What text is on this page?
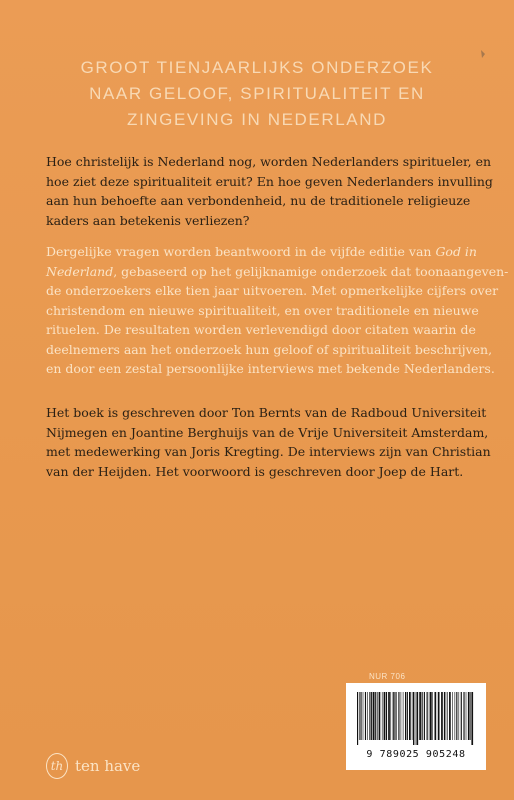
GROOT TIENJAARLIJKS ONDERZOEK
NAAR GELOOF, SPIRITUALITEIT EN
ZINGEVING IN NEDERLAND

Hoe christelijk is Nederland nog, worden Nederlanders spiritueler, en
hoe ziet deze spiritualiteit eruit? En hoe geven Nederlanders invulling
aan hun behoefte aan verbondenheid, nu de traditionele religieuze
kaders aan betekenis verliezen?

Dergelijke vragen worden beantwoord in de vijfde editie van God in
Nederland, gebaseerd op het gelijknamige onderzoek dat toonaangeven-
de onderzoekers elke tien jaar uitvoeren. Met opmerkelijke cijfers over
christendom en nieuwe spiritualiteit, en over traditionele en nieuwe
rituelen. De resultaten worden verlevendigd door citaten waarin de
deelnemers aan het onderzoek hun geloof of spiritualiteit beschrijven,
en door een zestal persoonlijke interviews met bekende Nederlanders.

Het boek is geschreven door Ton Bernts van de Radboud Universiteit
Nijmegen en Joantine Berghuijs van de Vrije Universiteit Amsterdam,
met medewerking van Joris Kregting. De interviews zijn van Christian
van der Heijden. Het voorwoord is geschreven door Joep de Hart.

NUR 706
9 789025 905248
th ten have
